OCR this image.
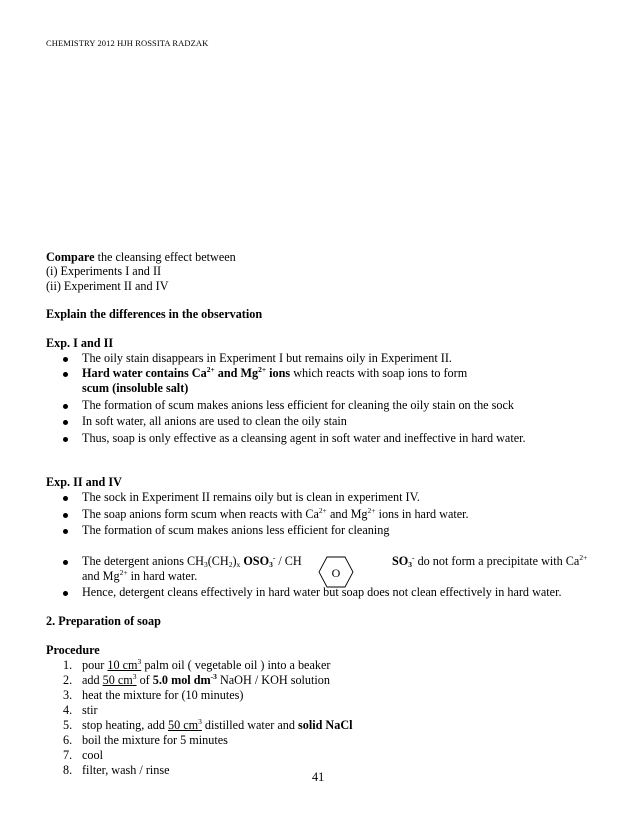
CHEMISTRY 2012 HJH ROSSITA RADZAK
Compare the cleansing effect between
(i) Experiments I and II
(ii) Experiment II and IV
Explain the differences in the observation
Exp. I and II
The oily stain disappears in Experiment I but remains oily in Experiment II.
Hard water contains $Ca^{2+}$ and $Mg^{2+}$ ions which reacts with soap ions to form
scum (insoluble salt)
The formation of scum makes anions less efficient for cleaning the oily stain on the sock
In soft water, all anions are used to clean the oily stain
Thus, soap is only effective as a cleansing agent in soft water and ineffective in hard water.
Exp. II and IV
The sock in Experiment II remains oily but is clean in experiment IV.
The soap anions form scum when reacts with $Ca^{2+}$ and $Mg^{2+}$ ions in hard water.
The formation of scum makes anions less efficient for cleaning
The detergent anions $CH_3(CH_2)_x$ $OSO_3^-$ / CH
O
$SO_3^-$ do not form a precipitate with $Ca^{2+}$
and $Mg^{2+}$ in hard water.
Hence, detergent cleans effectively in hard water but soap does not clean effectively in hard water.
2. Preparation of soap
Procedure
1. pour 10 $cm^3$ palm oil ( vegetable oil ) into a beaker
2. add 50 $cm^3$ of 5.0 mol $dm^{-3}$ NaOH / KOH solution
3. heat the mixture for (10 minutes)
4. stir
5. stop heating, add 50 $cm^3$ distilled water and solid NaCl
6. boil the mixture for 5 minutes
7. cool
8. filter, wash / rinse	41
